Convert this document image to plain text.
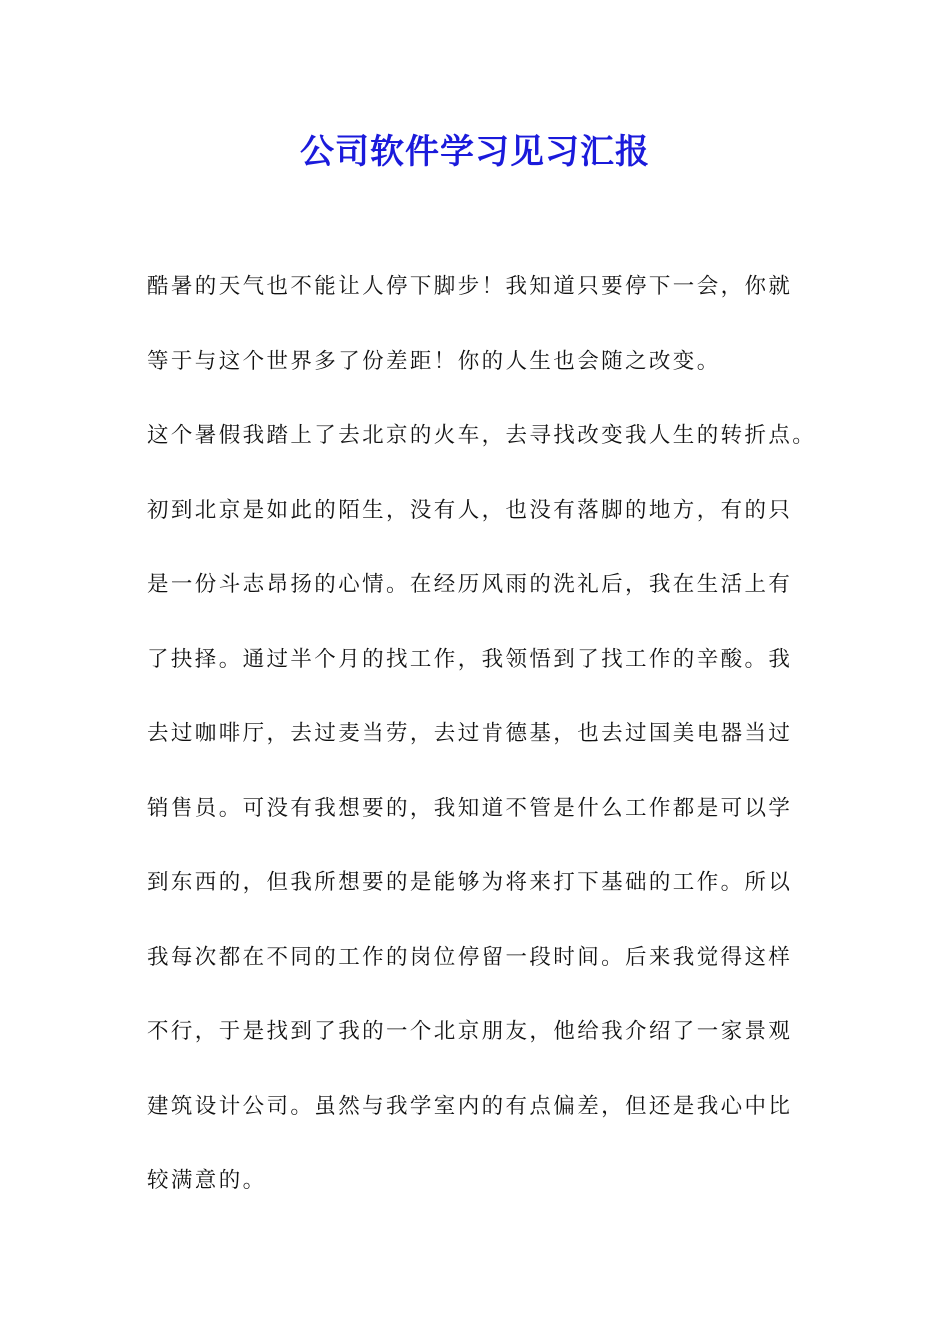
公司软件学习见习汇报
酷暑的天气也不能让人停下脚步！我知道只要停下一会，你就
等于与这个世界多了份差距！你的人生也会随之改变。
这个暑假我踏上了去北京的火车，去寻找改变我人生的转折点。
初到北京是如此的陌生，没有人，也没有落脚的地方，有的只
是一份斗志昂扬的心情。在经历风雨的洗礼后，我在生活上有
了抉择。通过半个月的找工作，我领悟到了找工作的辛酸。我
去过咖啡厅，去过麦当劳，去过肯德基，也去过国美电器当过
销售员。可没有我想要的，我知道不管是什么工作都是可以学
到东西的，但我所想要的是能够为将来打下基础的工作。所以
我每次都在不同的工作的岗位停留一段时间。后来我觉得这样
不行，于是找到了我的一个北京朋友，他给我介绍了一家景观
建筑设计公司。虽然与我学室内的有点偏差，但还是我心中比
较满意的。
